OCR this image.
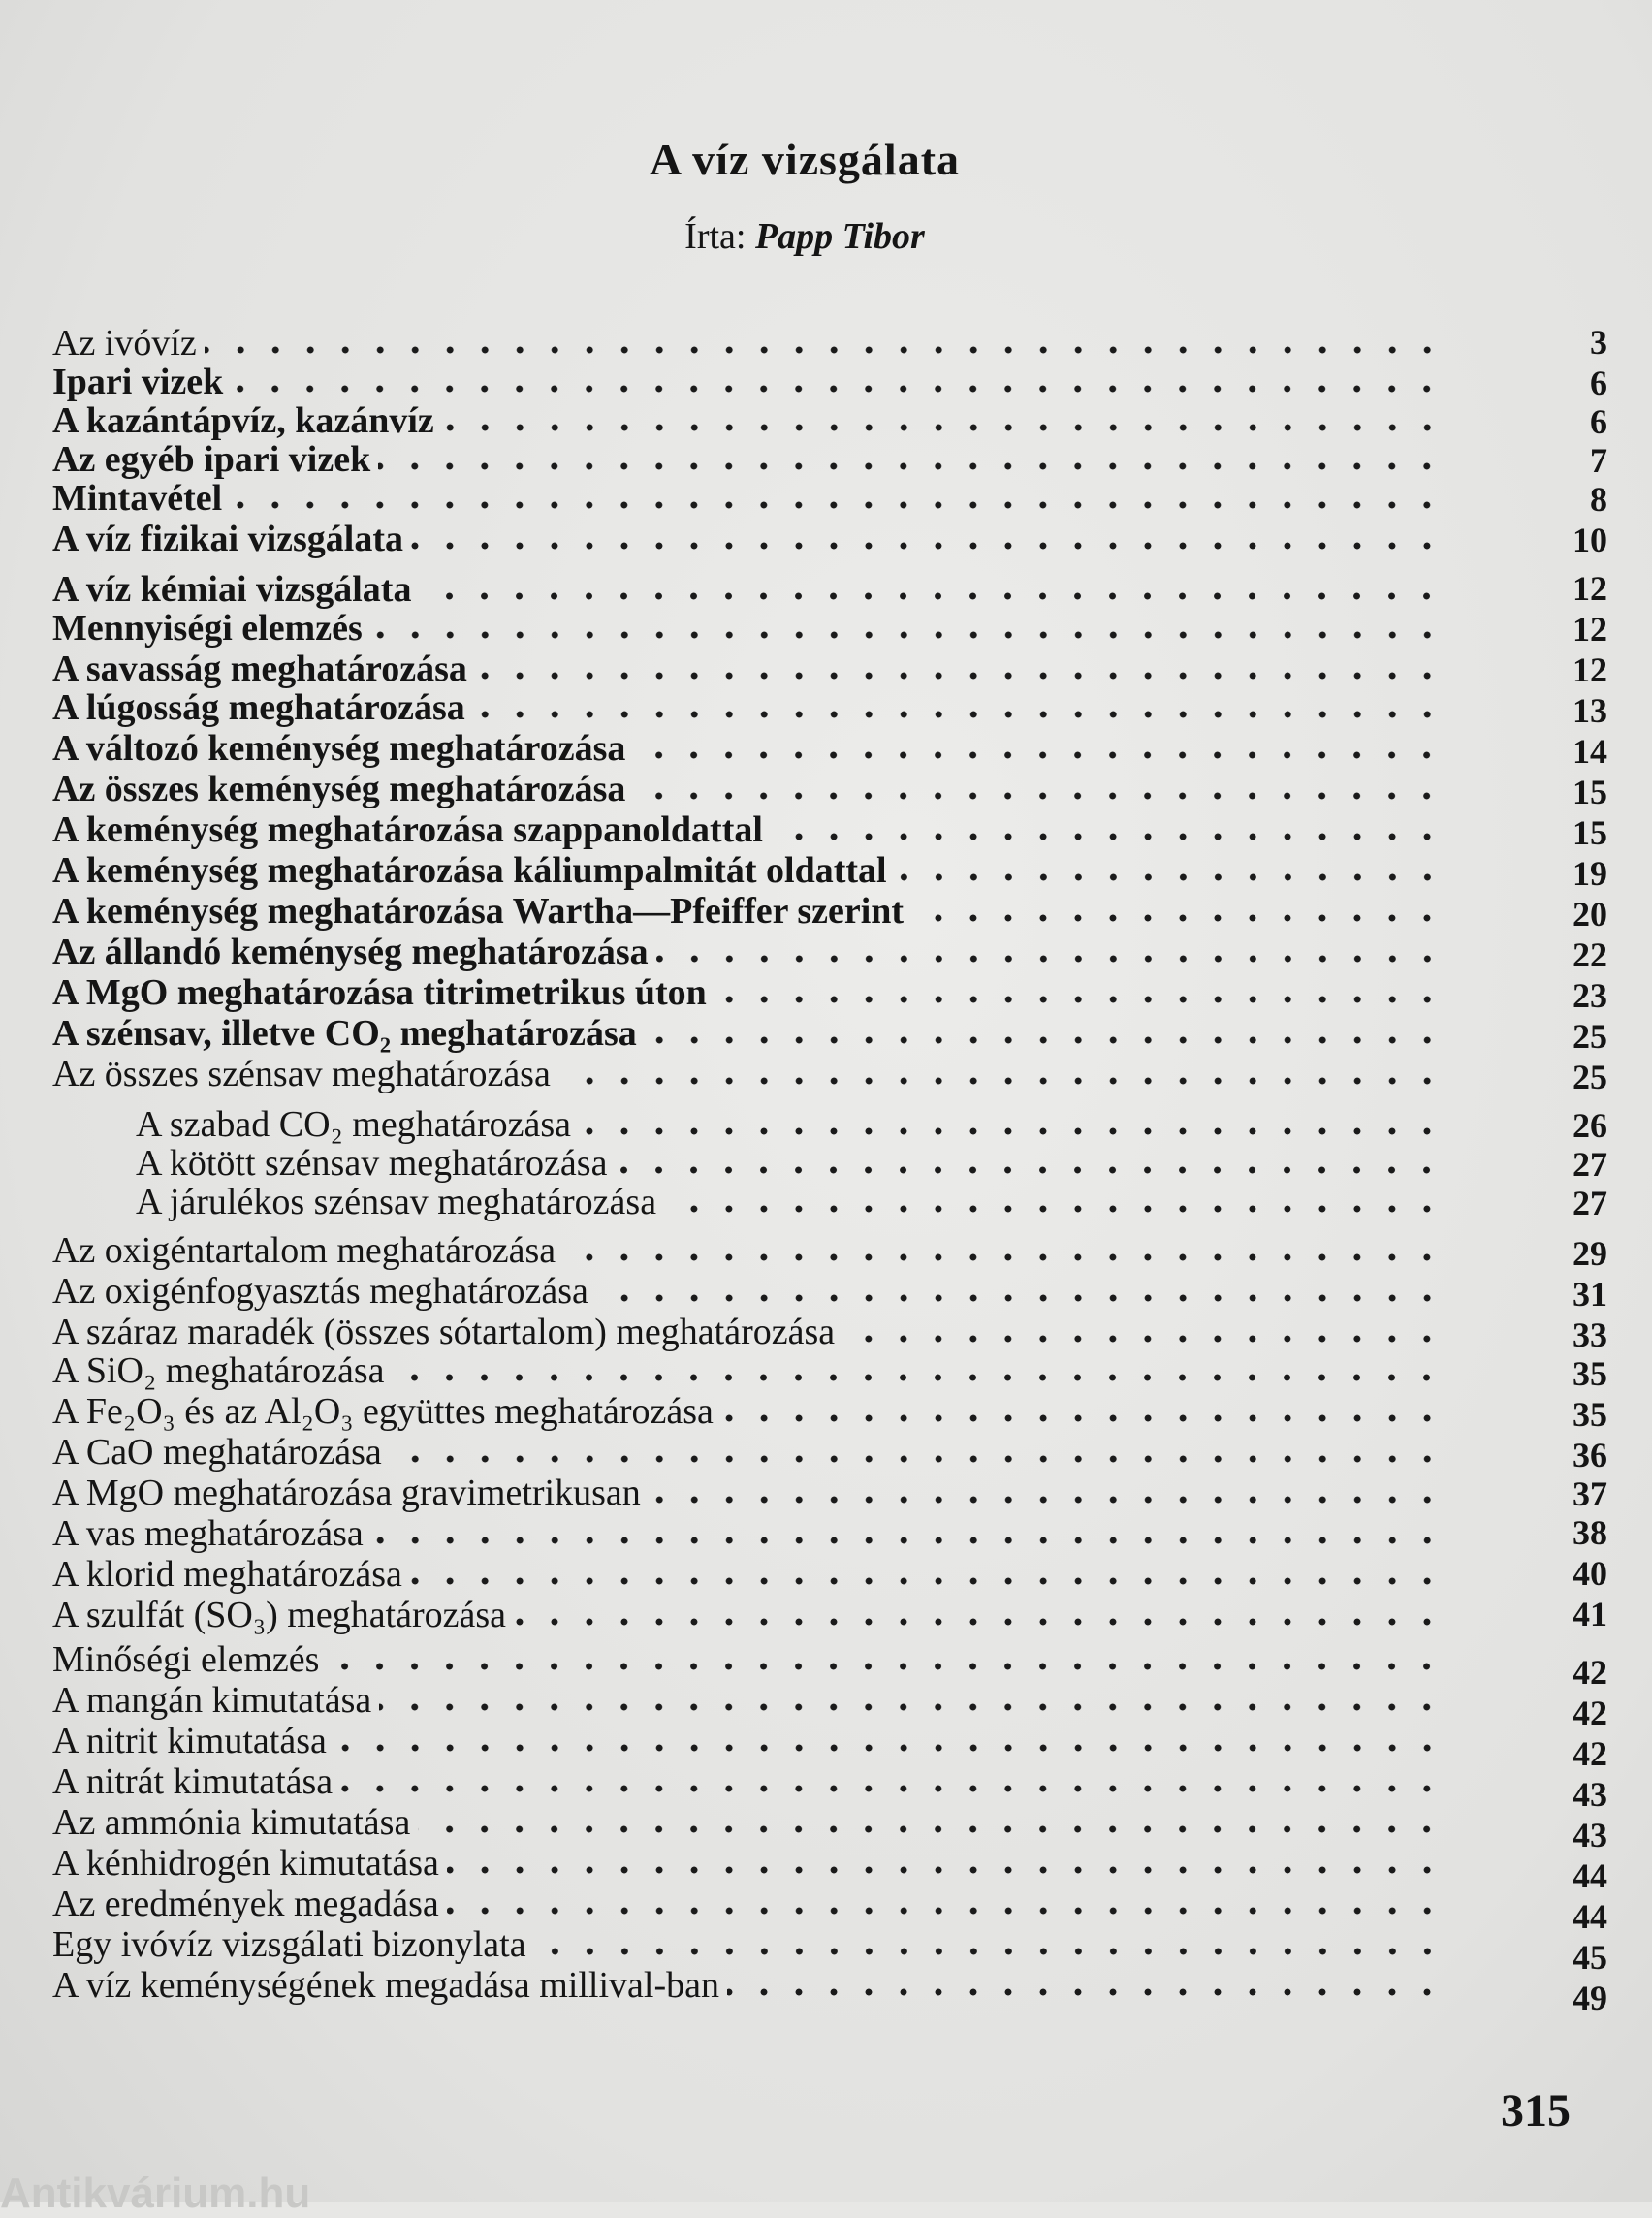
A víz vizsgálata
Írta: Papp Tibor
Az ivóvíz
Ipari vizek
A kazántápvíz, kazánvíz
Az egyéb ipari vizek
Mintavétel
A víz fizikai vizsgálata
A víz kémiai vizsgálata
Mennyiségi elemzés
A savasság meghatározása
A lúgosság meghatározása
A változó keménység meghatározása
Az összes keménység meghatározása
A keménység meghatározása szappanoldattal
A keménység meghatározása káliumpalmitát oldattal
A keménység meghatározása Wartha—Pfeiffer szerint
Az állandó keménység meghatározása
A MgO meghatározása titrimetrikus úton
A szénsav, illetve CO₂ meghatározása
Az összes szénsav meghatározása
A szabad CO₂ meghatározása
A kötött szénsav meghatározása
A járulékos szénsav meghatározása
Az oxigéntartalom meghatározása
Az oxigénfogyasztás meghatározása
A száraz maradék (összes sótartalom) meghatározása
A SiO₂ meghatározása
A Fe₂O₃ és az Al₂O₃ együttes meghatározása
A CaO meghatározása
A MgO meghatározása gravimetrikusan
A vas meghatározása
A klorid meghatározása
A szulfát (SO₃) meghatározása
Minőségi elemzés
A mangán kimutatása
A nitrit kimutatása
A nitrát kimutatása
Az ammónia kimutatása
A kénhidrogén kimutatása
Az eredmények megadása
Egy ivóvíz vizsgálati bizonylata
A víz keménységének megadása millival-ban
3
6
6
7
8
10
12
12
12
13
14
15
15
19
20
22
23
25
25
26
27
27
29
31
33
35
35
36
37
38
40
41
42
42
42
43
43
44
44
45
49
315
Antikvárium.hu
